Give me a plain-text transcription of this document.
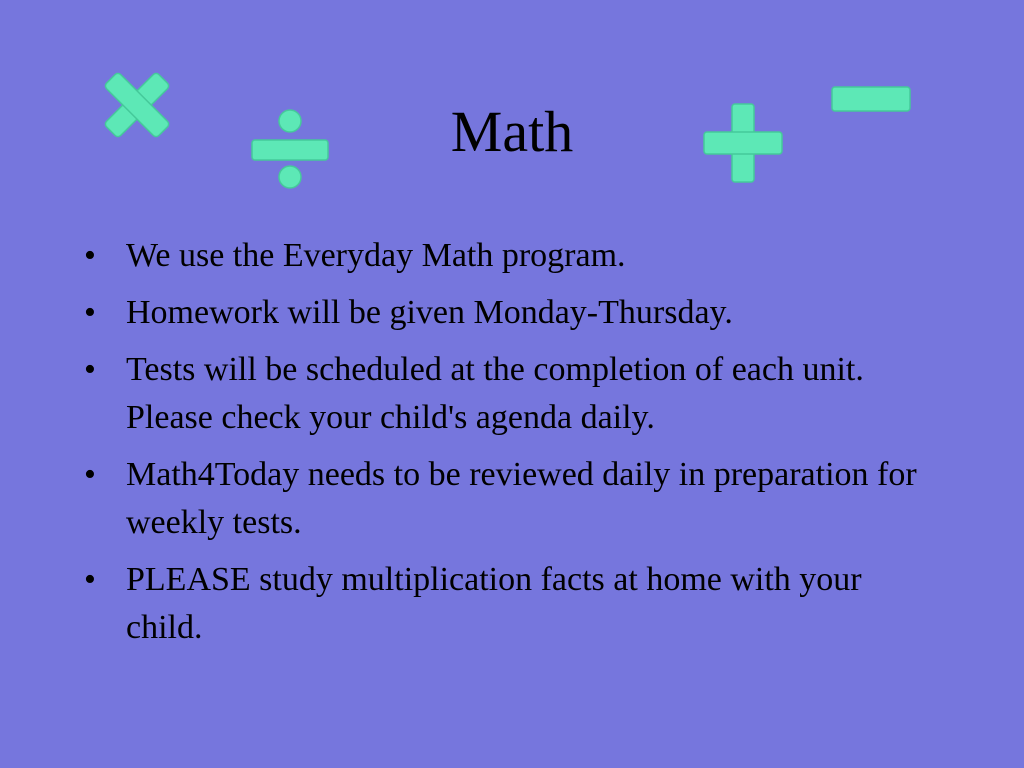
Math
• We use the Everyday Math program.
• Homework will be given Monday-Thursday.
• Tests will be scheduled at the completion of each unit. Please check your child's agenda daily.
• Math4Today needs to be reviewed daily in preparation for weekly tests.
• PLEASE study multiplication facts at home with your child.
